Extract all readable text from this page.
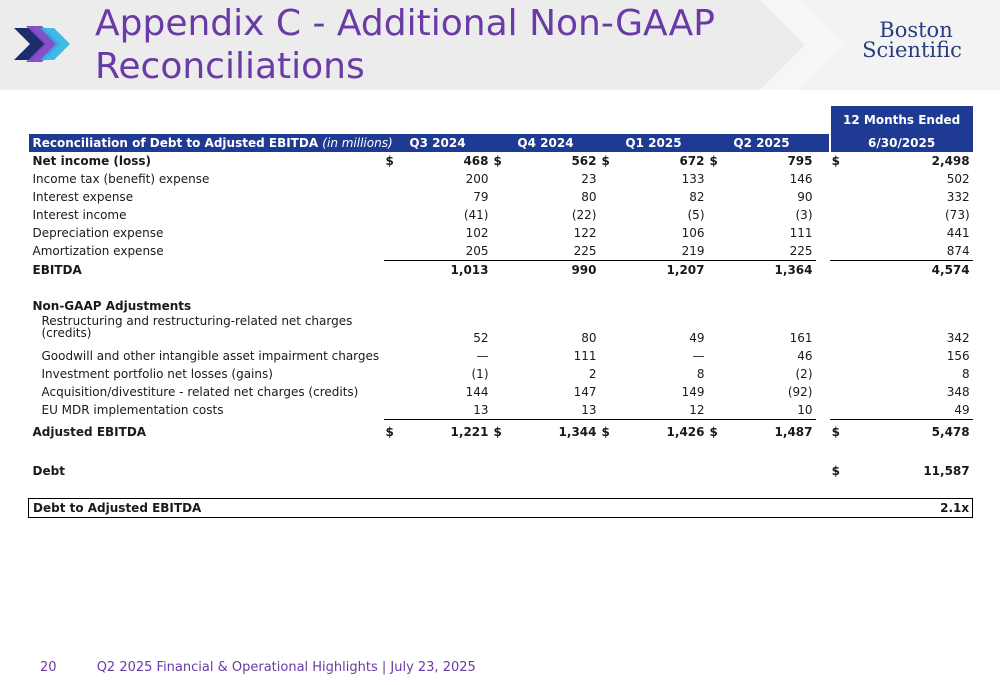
Appendix C - Additional Non-GAAP Reconciliations
Boston
Scientific
										12 Months Ended	
Reconciliation of Debt to Adjusted EBITDA (in millions)	Q3 2024		Q4 2024		Q1 2025		Q2 2025			6/30/2025	
Net income (loss)	$	468	$	562	$	672	$	795		$	2,498
Income tax (benefit) expense		200		23		133		146			502
Interest expense		79		80		82		90			332
Interest income		(41)		(22)		(5)		(3)			(73)
Depreciation expense		102		122		106		111			441
Amortization expense		205		225		219		225			874
EBITDA		1,013		990		1,207		1,364			4,574

Non-GAAP Adjustments											
Restructuring and restructuring-related net charges (credits)		52		80		49		161			342
Goodwill and other intangible asset impairment charges		—		111		—		46			156
Investment portfolio net losses (gains)		(1)		2		8		(2)			8
Acquisition/divestiture - related net charges (credits)		144		147		149		(92)			348
EU MDR implementation costs		13		13		12		10			49
Adjusted EBITDA	$	1,221	$	1,344	$	1,426	$	1,487		$	5,478

Debt										$	11,587

Debt to Adjusted EBITDA											2.1x
20	Q2 2025 Financial & Operational Highlights | July 23, 2025
